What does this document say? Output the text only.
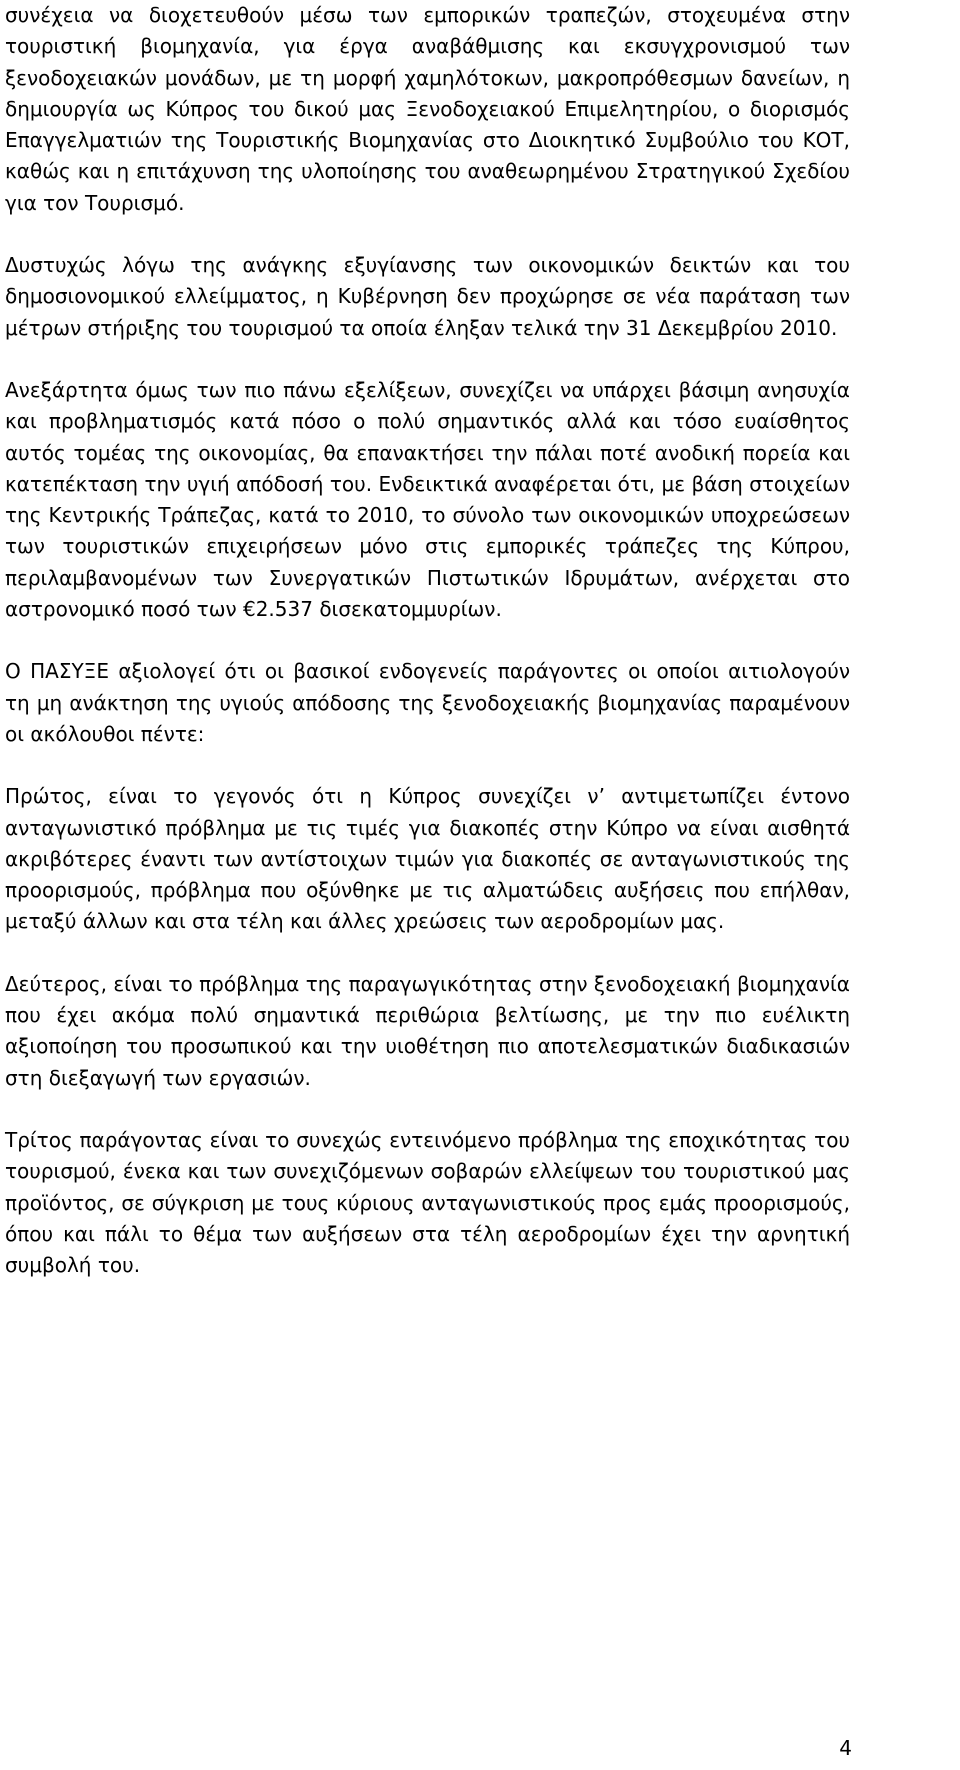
συνέχεια να διοχετευθούν μέσω των εμπορικών τραπεζών, στοχευμένα στην τουριστική βιομηχανία, για έργα αναβάθμισης και εκσυγχρονισμού των ξενοδοχειακών μονάδων, με τη μορφή χαμηλότοκων, μακροπρόθεσμων δανείων, η δημιουργία ως Κύπρος του δικού μας Ξενοδοχειακού Επιμελητηρίου, ο διορισμός Επαγγελματιών της Τουριστικής Βιομηχανίας στο Διοικητικό Συμβούλιο του ΚΟΤ, καθώς και η επιτάχυνση της υλοποίησης του αναθεωρημένου Στρατηγικού Σχεδίου για τον Τουρισμό.

Δυστυχώς λόγω της ανάγκης εξυγίανσης των οικονομικών δεικτών και του δημοσιονομικού ελλείμματος, η Κυβέρνηση δεν προχώρησε σε νέα παράταση των μέτρων στήριξης του τουρισμού τα οποία έληξαν τελικά την 31 Δεκεμβρίου 2010.

Ανεξάρτητα όμως των πιο πάνω εξελίξεων, συνεχίζει να υπάρχει βάσιμη ανησυχία και προβληματισμός κατά πόσο ο πολύ σημαντικός αλλά και τόσο ευαίσθητος αυτός τομέας της οικονομίας, θα επανακτήσει την πάλαι ποτέ ανοδική πορεία και κατεπέκταση την υγιή απόδοσή του. Ενδεικτικά αναφέρεται ότι, με βάση στοιχείων της Κεντρικής Τράπεζας, κατά το 2010, το σύνολο των οικονομικών υποχρεώσεων των τουριστικών επιχειρήσεων μόνο στις εμπορικές τράπεζες της Κύπρου, περιλαμβανομένων των Συνεργατικών Πιστωτικών Ιδρυμάτων, ανέρχεται στο αστρονομικό ποσό των €2.537 δισεκατομμυρίων.

Ο ΠΑΣΥΞΕ αξιολογεί ότι οι βασικοί ενδογενείς παράγοντες οι οποίοι αιτιολογούν τη μη ανάκτηση της υγιούς απόδοσης της ξενοδοχειακής βιομηχανίας παραμένουν οι ακόλουθοι πέντε:

Πρώτος, είναι το γεγονός ότι η Κύπρος συνεχίζει ν’ αντιμετωπίζει έντονο ανταγωνιστικό πρόβλημα με τις τιμές για διακοπές στην Κύπρο να είναι αισθητά ακριβότερες έναντι των αντίστοιχων τιμών για διακοπές σε ανταγωνιστικούς της προορισμούς, πρόβλημα που οξύνθηκε με τις αλματώδεις αυξήσεις που επήλθαν, μεταξύ άλλων και στα τέλη και άλλες χρεώσεις των αεροδρομίων μας.

Δεύτερος, είναι το πρόβλημα της παραγωγικότητας στην ξενοδοχειακή βιομηχανία που έχει ακόμα πολύ σημαντικά περιθώρια βελτίωσης, με την πιο ευέλικτη αξιοποίηση του προσωπικού και την υιοθέτηση πιο αποτελεσματικών διαδικασιών στη διεξαγωγή των εργασιών.

Τρίτος παράγοντας είναι το συνεχώς εντεινόμενο πρόβλημα της εποχικότητας του τουρισμού, ένεκα και των συνεχιζόμενων σοβαρών ελλείψεων του τουριστικού μας προϊόντος, σε σύγκριση με τους κύριους ανταγωνιστικούς προς εμάς προορισμούς, όπου και πάλι το θέμα των αυξήσεων στα τέλη αεροδρομίων έχει την αρνητική συμβολή του.

4
